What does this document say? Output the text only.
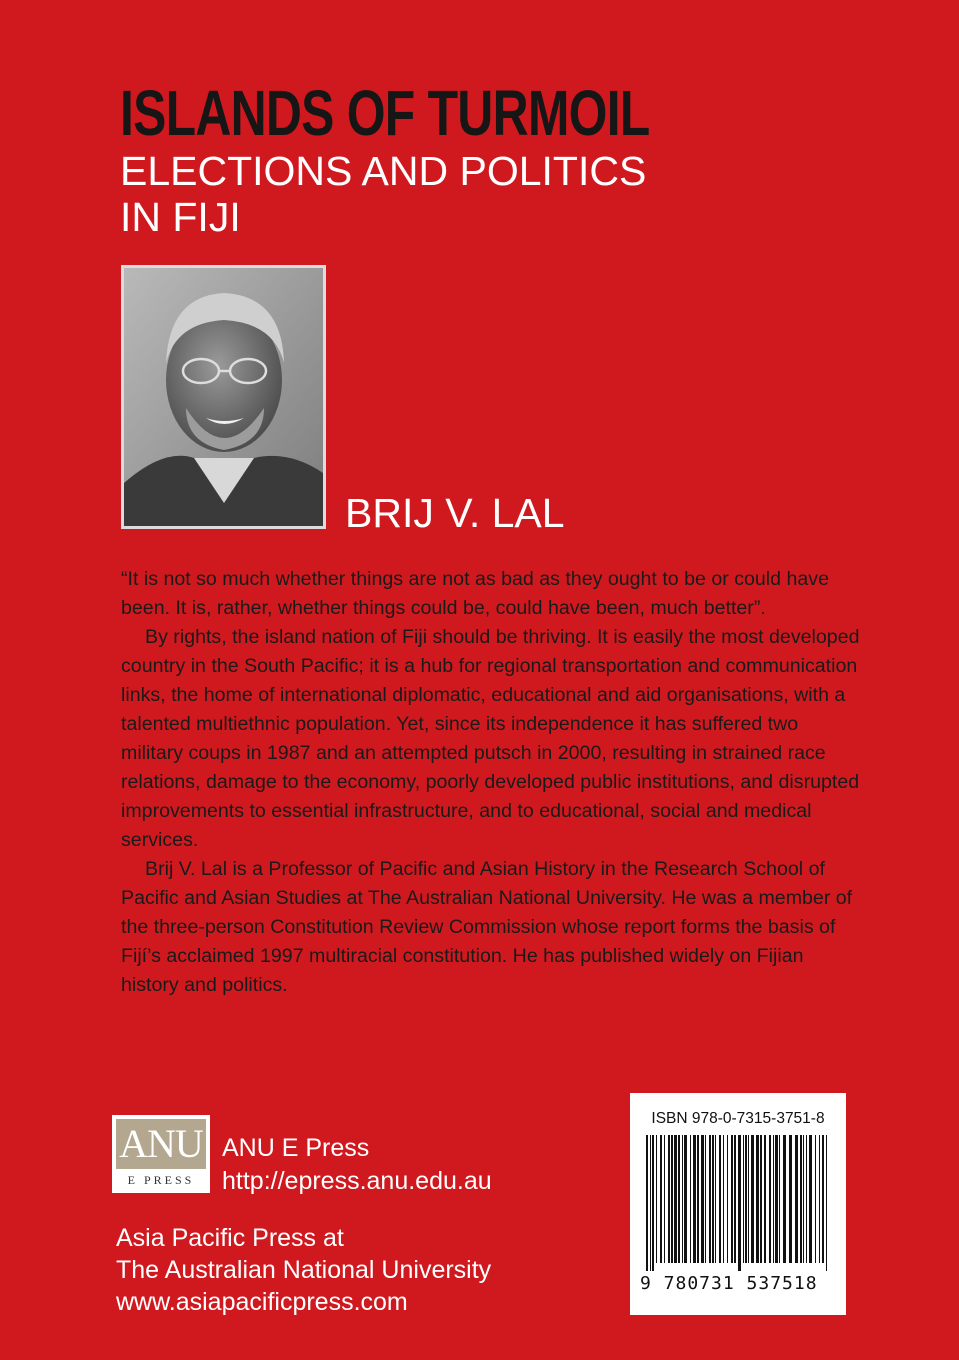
ISLANDS OF TURMOIL
ELECTIONS AND POLITICS
IN FIJI
BRIJ V. LAL

“It is not so much whether things are not as bad as they ought to be or could have been. It is, rather, whether things could be, could have been, much better”.

By rights, the island nation of Fiji should be thriving. It is easily the most developed country in the South Pacific; it is a hub for regional transportation and communication links, the home of international diplomatic, educational and aid organisations, with a talented multiethnic population. Yet, since its independence it has suffered two military coups in 1987 and an attempted putsch in 2000, resulting in strained race relations, damage to the economy, poorly developed public institutions, and disrupted improvements to essential infrastructure, and to educational, social and medical services.

Brij V. Lal is a Professor of Pacific and Asian History in the Research School of Pacific and Asian Studies at The Australian National University. He was a member of the three-person Constitution Review Commission whose report forms the basis of Fijí’s acclaimed 1997 multiracial constitution. He has published widely on Fijian history and politics.

ANU
E PRESS
ANU E Press
http://epress.anu.edu.au
Asia Pacific Press at
The Australian National University
www.asiapacificpress.com
ISBN 978-0-7315-3751-8
9 780731 537518
